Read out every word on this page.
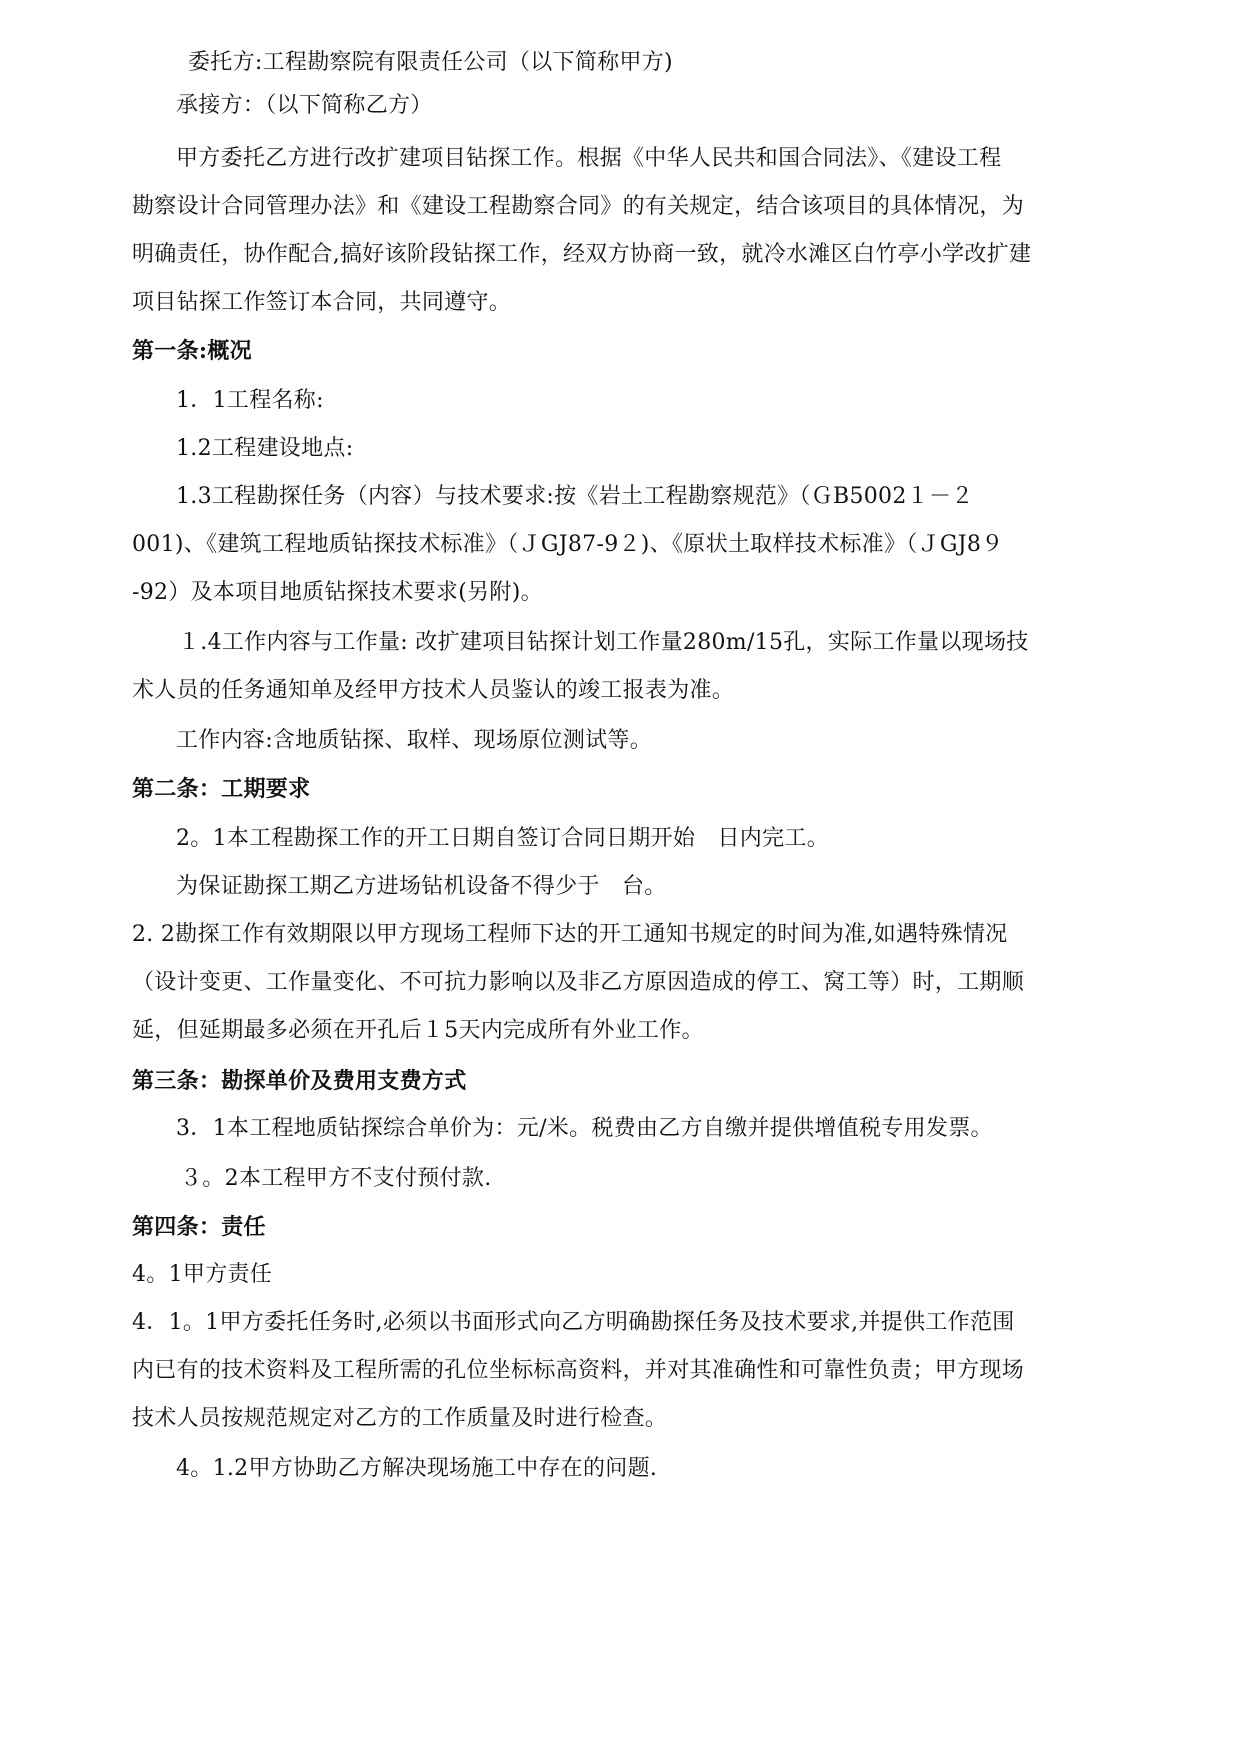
委托方:工程勘察院有限责任公司（以下简称甲方)
承接方：（以下简称乙方）
甲方委托乙方进行改扩建项目钻探工作。根据《中华人民共和国合同法》、《建设工程
勘察设计合同管理办法》和《建设工程勘察合同》的有关规定，结合该项目的具体情况，为
明确责任，协作配合,搞好该阶段钻探工作，经双方协商一致，就冷水滩区白竹亭小学改扩建
项目钻探工作签订本合同，共同遵守。
第一条:概况
1．1工程名称:
1.2工程建设地点:
1.3工程勘探任务（内容）与技术要求:按《岩土工程勘察规范》（ＧB5002１－２
001)、《建筑工程地质钻探技术标准》（ＪGJ87-9２)、《原状土取样技术标准》（ＪGJ8９
-92）及本项目地质钻探技术要求(另附)。
１.4工作内容与工作量: 改扩建项目钻探计划工作量280m/15孔，实际工作量以现场技
术人员的任务通知单及经甲方技术人员鉴认的竣工报表为准。
工作内容:含地质钻探、取样、现场原位测试等。
第二条：工期要求
2。1本工程勘探工作的开工日期自签订合同日期开始　日内完工。
为保证勘探工期乙方进场钻机设备不得少于　台。
2. 2勘探工作有效期限以甲方现场工程师下达的开工通知书规定的时间为准,如遇特殊情况
（设计变更、工作量变化、不可抗力影响以及非乙方原因造成的停工、窝工等）时，工期顺
延，但延期最多必须在开孔后１5天内完成所有外业工作。
第三条：勘探单价及费用支费方式
3．1本工程地质钻探综合单价为：元/米。税费由乙方自缴并提供增值税专用发票。
３。2本工程甲方不支付预付款.
第四条：责任
4。1甲方责任
4．1。1甲方委托任务时,必须以书面形式向乙方明确勘探任务及技术要求,并提供工作范围
内已有的技术资料及工程所需的孔位坐标标高资料，并对其准确性和可靠性负责；甲方现场
技术人员按规范规定对乙方的工作质量及时进行检查。
4。1.2甲方协助乙方解决现场施工中存在的问题.
